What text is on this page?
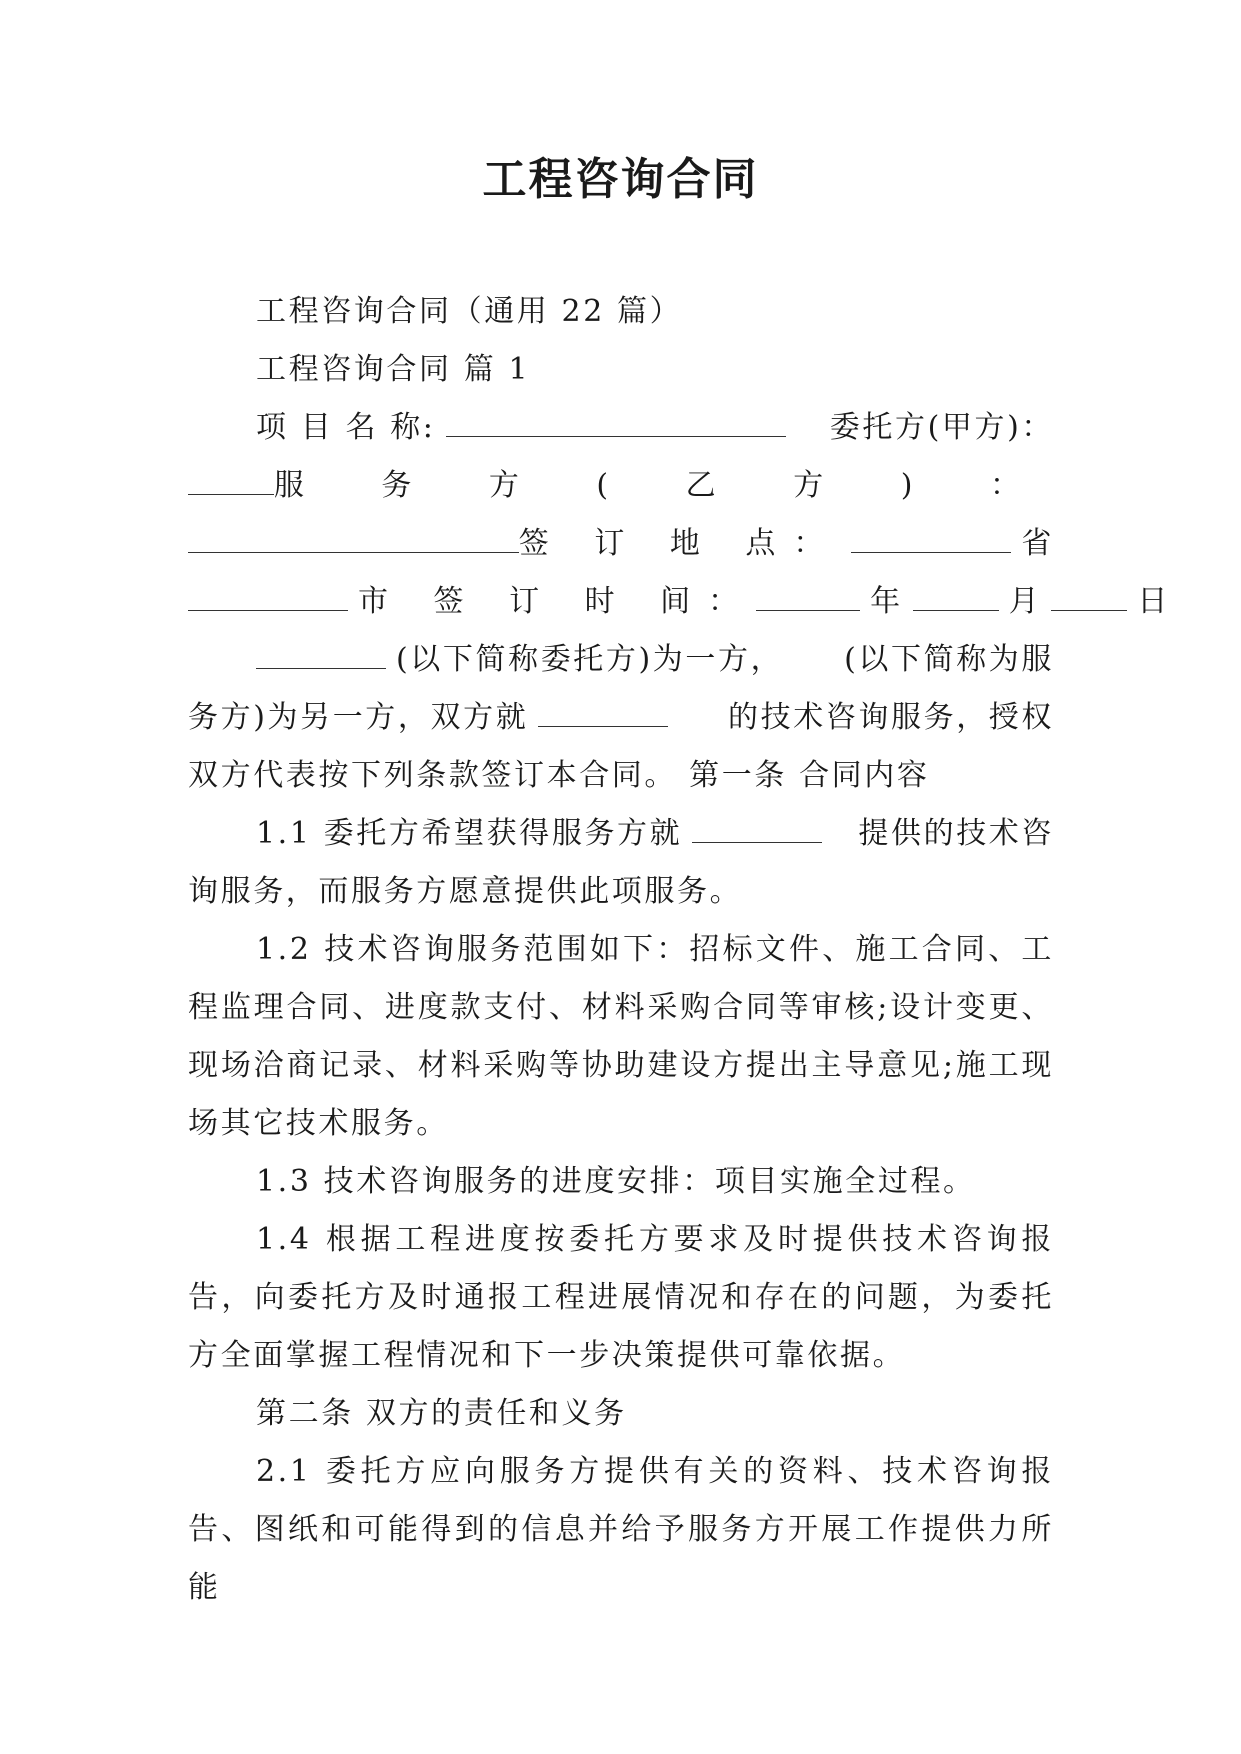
工程咨询合同

工程咨询合同（通用 22 篇）

工程咨询合同 篇 1

项 目 名 称:	委托方(甲方)：
服 务 方 ( 乙 方 ) ：
签 订 地 点：	省
市 签 订 时 间：	年	月	日
(以下简称委托方)为一方， (以下简称为服
务方)为另一方，双方就	的技术咨询服务，授权

双方代表按下列条款签订本合同。 第一条 合同内容

1.1 委托方希望获得服务方就	提供的技术咨

询服务，而服务方愿意提供此项服务。

1.2 技术咨询服务范围如下：招标文件、施工合同、工程监理合同、进度款支付、材料采购合同等审核;设计变更、现场洽商记录、材料采购等协助建设方提出主导意见;施工现场其它技术服务。

1.3 技术咨询服务的进度安排：项目实施全过程。

1.4 根据工程进度按委托方要求及时提供技术咨询报告，向委托方及时通报工程进展情况和存在的问题，为委托方全面掌握工程情况和下一步决策提供可靠依据。

第二条 双方的责任和义务

2.1 委托方应向服务方提供有关的资料、技术咨询报告、图纸和可能得到的信息并给予服务方开展工作提供力所能
